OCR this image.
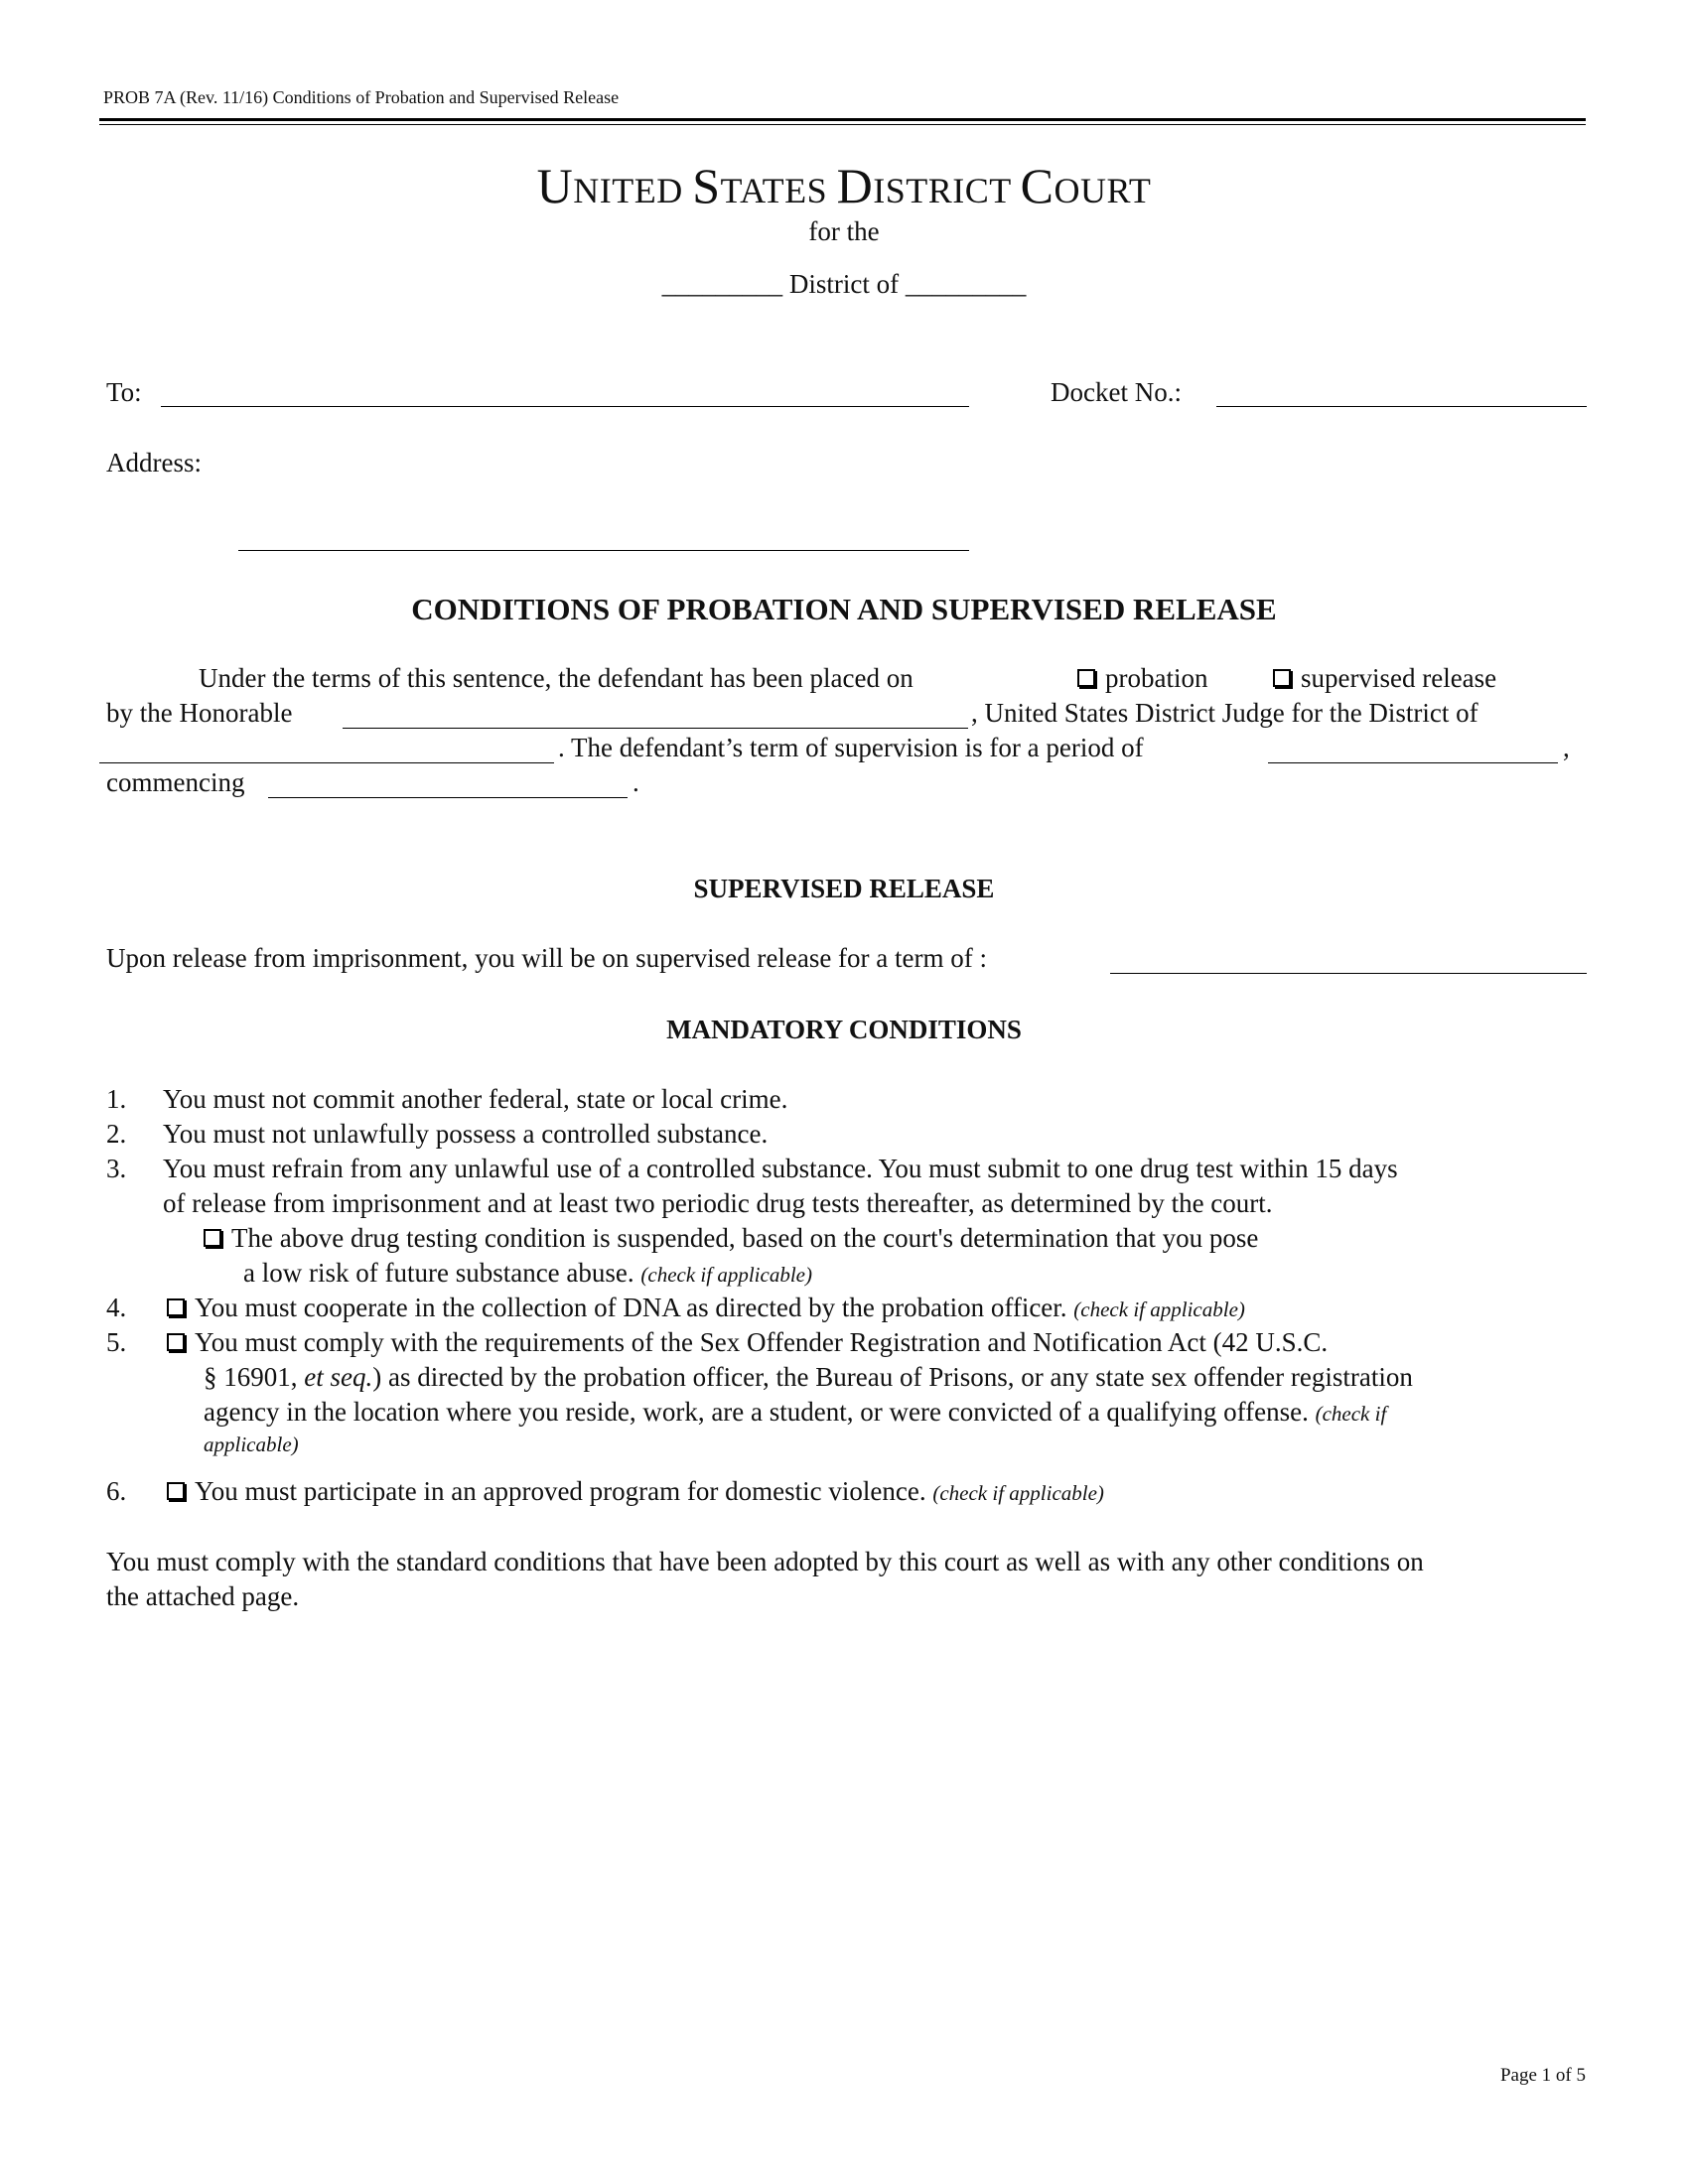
PROB 7A (Rev. 11/16) Conditions of Probation and Supervised Release
UNITED STATES DISTRICT COURT
for the
_________ District of _________
To:	Docket No.:
Address:
CONDITIONS OF PROBATION AND SUPERVISED RELEASE
Under the terms of this sentence, the defendant has been placed on	probation	supervised release
by the Honorable	, United States District Judge for the District of
. The defendant’s term of supervision is for a period of	,
commencing	.
SUPERVISED RELEASE
Upon release from imprisonment, you will be on supervised release for a term of :
MANDATORY CONDITIONS
1. You must not commit another federal, state or local crime.
2. You must not unlawfully possess a controlled substance.
3. You must refrain from any unlawful use of a controlled substance. You must submit to one drug test within 15 days
of release from imprisonment and at least two periodic drug tests thereafter, as determined by the court.
The above drug testing condition is suspended, based on the court's determination that you pose
a low risk of future substance abuse. (check if applicable)
4.	You must cooperate in the collection of DNA as directed by the probation officer. (check if applicable)
5.	You must comply with the requirements of the Sex Offender Registration and Notification Act (42 U.S.C.
§ 16901, et seq.) as directed by the probation officer, the Bureau of Prisons, or any state sex offender registration
agency in the location where you reside, work, are a student, or were convicted of a qualifying offense. (check if
applicable)
6.	You must participate in an approved program for domestic violence. (check if applicable)
You must comply with the standard conditions that have been adopted by this court as well as with any other conditions on
the attached page.
Page 1 of 5
